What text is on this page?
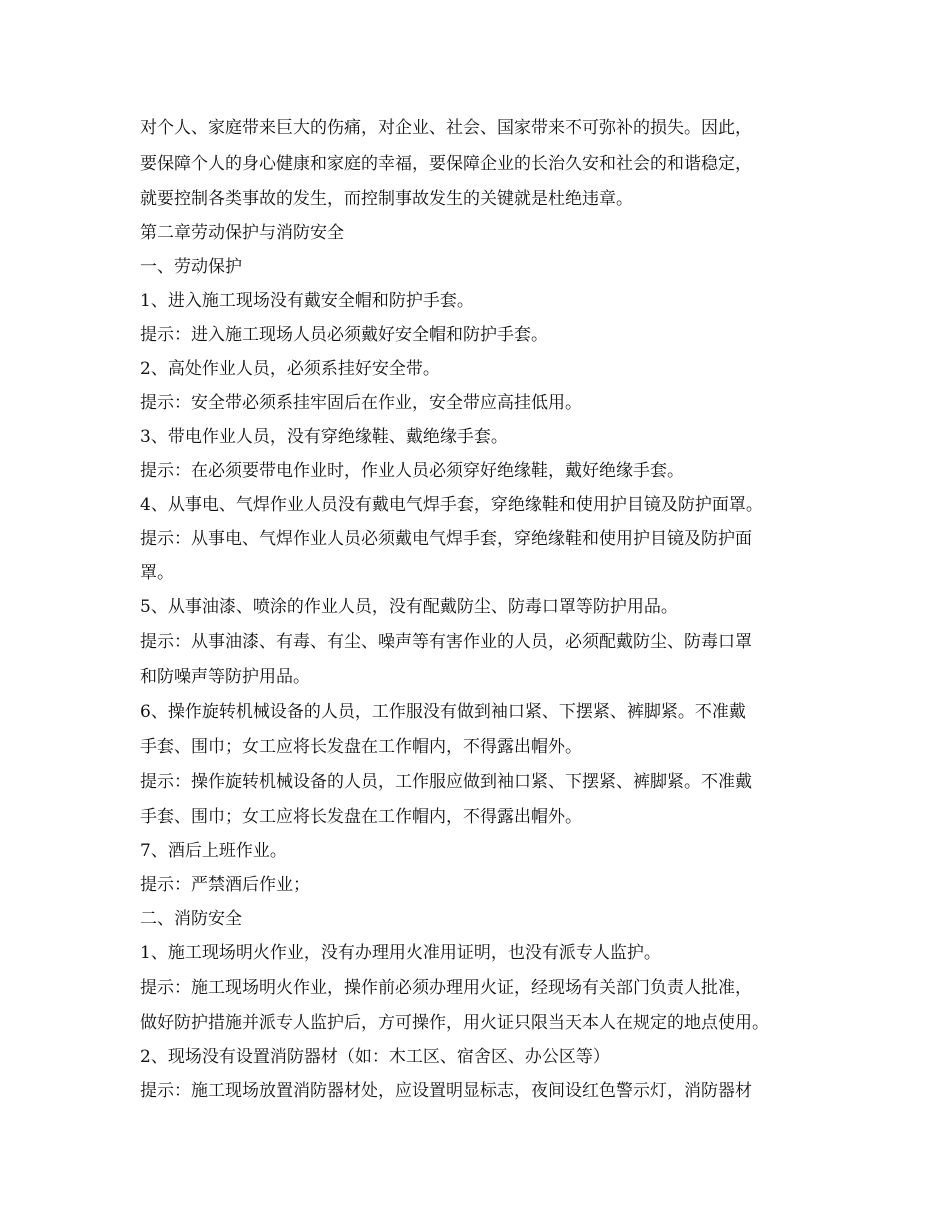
对个人、家庭带来巨大的伤痛，对企业、社会、国家带来不可弥补的损失。因此，
要保障个人的身心健康和家庭的幸福，要保障企业的长治久安和社会的和谐稳定，
就要控制各类事故的发生，而控制事故发生的关键就是杜绝违章。
第二章劳动保护与消防安全
一、劳动保护
1、进入施工现场没有戴安全帽和防护手套。
提示：进入施工现场人员必须戴好安全帽和防护手套。
2、高处作业人员，必须系挂好安全带。
提示：安全带必须系挂牢固后在作业，安全带应高挂低用。
3、带电作业人员，没有穿绝缘鞋、戴绝缘手套。
提示：在必须要带电作业时，作业人员必须穿好绝缘鞋，戴好绝缘手套。
4、从事电、气焊作业人员没有戴电气焊手套，穿绝缘鞋和使用护目镜及防护面罩。
提示：从事电、气焊作业人员必须戴电气焊手套，穿绝缘鞋和使用护目镜及防护面
罩。
5、从事油漆、喷涂的作业人员，没有配戴防尘、防毒口罩等防护用品。
提示：从事油漆、有毒、有尘、噪声等有害作业的人员，必须配戴防尘、防毒口罩
和防噪声等防护用品。
6、操作旋转机械设备的人员，工作服没有做到袖口紧、下摆紧、裤脚紧。不准戴
手套、围巾；女工应将长发盘在工作帽内，不得露出帽外。
提示：操作旋转机械设备的人员，工作服应做到袖口紧、下摆紧、裤脚紧。不准戴
手套、围巾；女工应将长发盘在工作帽内，不得露出帽外。
7、酒后上班作业。
提示：严禁酒后作业；
二、消防安全
1、施工现场明火作业，没有办理用火准用证明，也没有派专人监护。
提示：施工现场明火作业，操作前必须办理用火证，经现场有关部门负责人批准，
做好防护措施并派专人监护后，方可操作，用火证只限当天本人在规定的地点使用。
2、现场没有设置消防器材（如：木工区、宿舍区、办公区等）
提示：施工现场放置消防器材处，应设置明显标志，夜间设红色警示灯，消防器材
